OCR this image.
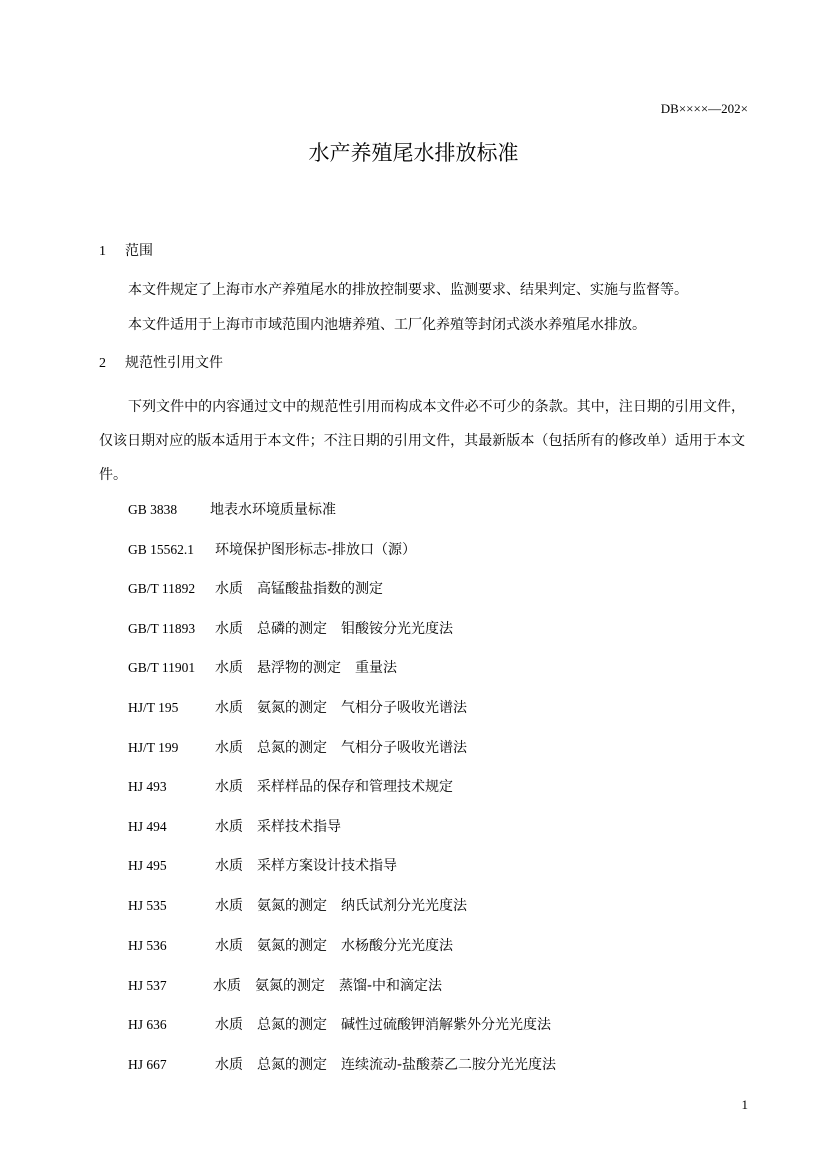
DB××××—202×
水产养殖尾水排放标准
1 范围
本文件规定了上海市水产养殖尾水的排放控制要求、监测要求、结果判定、实施与监督等。
本文件适用于上海市市域范围内池塘养殖、工厂化养殖等封闭式淡水养殖尾水排放。
2 规范性引用文件
下列文件中的内容通过文中的规范性引用而构成本文件必不可少的条款。其中，注日期的引用文件，仅该日期对应的版本适用于本文件；不注日期的引用文件，其最新版本（包括所有的修改单）适用于本文件。
GB 3838 地表水环境质量标准
GB 15562.1 环境保护图形标志-排放口（源）
GB/T 11892 水质　高锰酸盐指数的测定
GB/T 11893 水质　总磷的测定　钼酸铵分光光度法
GB/T 11901 水质　悬浮物的测定　重量法
HJ/T 195	水质　氨氮的测定　气相分子吸收光谱法
HJ/T 199	水质　总氮的测定　气相分子吸收光谱法
HJ 493	水质　采样样品的保存和管理技术规定
HJ 494	水质　采样技术指导
HJ 495	水质　采样方案设计技术指导
HJ 535	水质　氨氮的测定　纳氏试剂分光光度法
HJ 536	水质　氨氮的测定　水杨酸分光光度法
HJ 537	水质　氨氮的测定　蒸馏-中和滴定法
HJ 636	水质　总氮的测定　碱性过硫酸钾消解紫外分光光度法
HJ 667	水质　总氮的测定　连续流动-盐酸萘乙二胺分光光度法
1
